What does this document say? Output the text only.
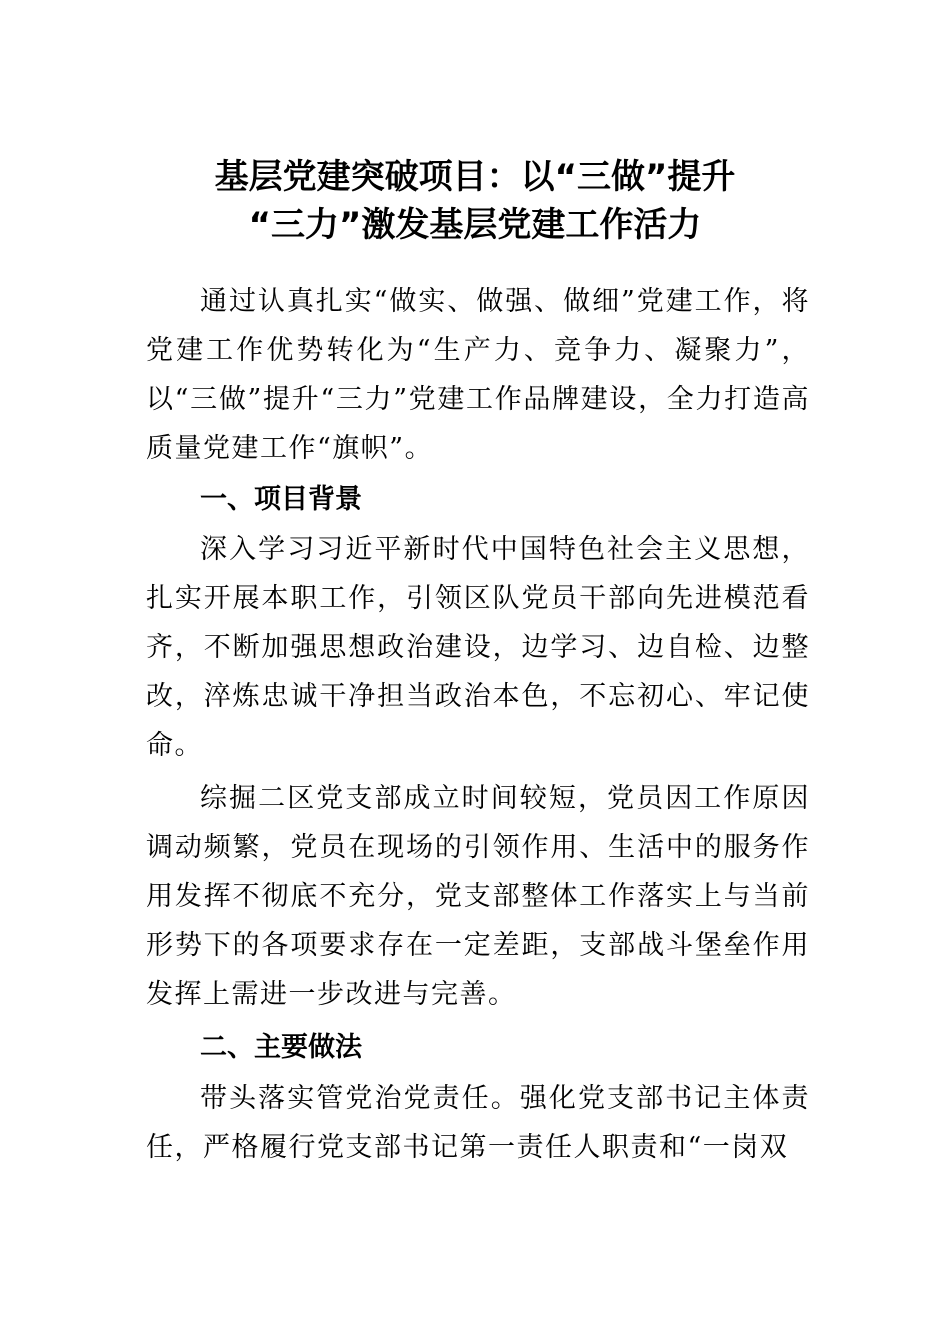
基层党建突破项目：以“三做”提升
“三力”激发基层党建工作活力

通过认真扎实“做实、做强、做细”党建工作，将党建工作优势转化为“生产力、竞争力、凝聚力”，以“三做”提升“三力”党建工作品牌建设，全力打造高质量党建工作“旗帜”。

一、项目背景

深入学习习近平新时代中国特色社会主义思想，扎实开展本职工作，引领区队党员干部向先进模范看齐，不断加强思想政治建设，边学习、边自检、边整改，淬炼忠诚干净担当政治本色，不忘初心、牢记使命。

综掘二区党支部成立时间较短，党员因工作原因调动频繁，党员在现场的引领作用、生活中的服务作用发挥不彻底不充分，党支部整体工作落实上与当前形势下的各项要求存在一定差距，支部战斗堡垒作用发挥上需进一步改进与完善。

二、主要做法

带头落实管党治党责任。强化党支部书记主体责任，严格履行党支部书记第一责任人职责和“一岗双
